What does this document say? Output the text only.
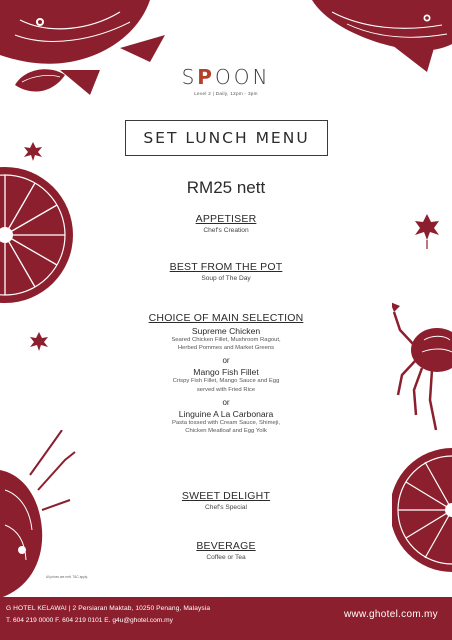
SPOON
Level 2 | Daily, 12pm - 3pm
SET LUNCH MENU
RM25 nett
APPETISER
Chef's Creation
BEST FROM THE POT
Soup of The Day
CHOICE OF MAIN SELECTION
Supreme Chicken
Seared Chicken Fillet, Mushroom Ragout,
Herbed Pommes and Market Greens
or
Mango Fish Fillet
Crispy Fish Fillet, Mango Sauce and Egg
served with Fried Rice
or
Linguine A La Carbonara
Pasta tossed with Cream Sauce, Shimeji,
Chicken Meatloaf and Egg Yolk
SWEET DELIGHT
Chef's Special
BEVERAGE
Coffee or Tea
All prices are nett. T&C apply.
G HOTEL KELAWAI | 2 Persiaran Maktab, 10250 Penang, Malaysia
T. 604 219 0000 F. 604 219 0101 E. g4u@ghotel.com.my
www.ghotel.com.my
